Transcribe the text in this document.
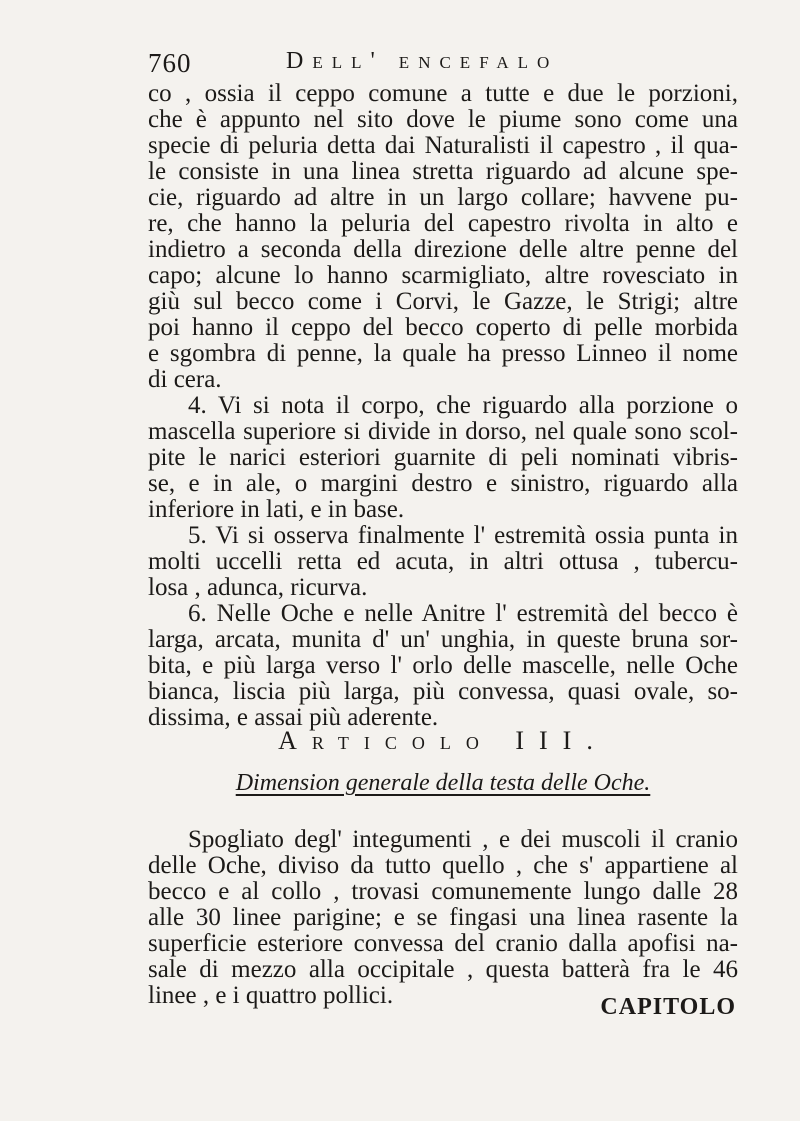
760	Dell' encefalo
co , ossia il ceppo comune a tutte e due le porzioni,
che è appunto nel sito dove le piume sono come una
specie di peluria detta dai Naturalisti il capestro , il qua-
le consiste in una linea stretta riguardo ad alcune spe-
cie, riguardo ad altre in un largo collare; havvene pu-
re, che hanno la peluria del capestro rivolta in alto e
indietro a seconda della direzione delle altre penne del
capo; alcune lo hanno scarmigliato, altre rovesciato in
giù sul becco come i Corvi, le Gazze, le Strigi; altre
poi hanno il ceppo del becco coperto di pelle morbida
e sgombra di penne, la quale ha presso Linneo il nome
di cera.
4. Vi si nota il corpo, che riguardo alla porzione o
mascella superiore si divide in dorso, nel quale sono scol-
pite le narici esteriori guarnite di peli nominati vibris-
se, e in ale, o margini destro e sinistro, riguardo alla
inferiore in lati, e in base.
5. Vi si osserva finalmente l' estremità ossia punta in
molti uccelli retta ed acuta, in altri ottusa , tubercu-
losa , adunca, ricurva.
6. Nelle Oche e nelle Anitre l' estremità del becco è
larga, arcata, munita d' un' unghia, in queste bruna sor-
bita, e più larga verso l' orlo delle mascelle, nelle Oche
bianca, liscia più larga, più convessa, quasi ovale, so-
dissima, e assai più aderente.
Articolo III.
Dimension generale della testa delle Oche.
Spogliato degl' integumenti , e dei muscoli il cranio
delle Oche, diviso da tutto quello , che s' appartiene al
becco e al collo , trovasi comunemente lungo dalle 28
alle 30 linee parigine; e se fingasi una linea rasente la
superficie esteriore convessa del cranio dalla apofisi na-
sale di mezzo alla occipitale , questa batterà fra le 46
linee , e i quattro pollici.	CAPITOLO
